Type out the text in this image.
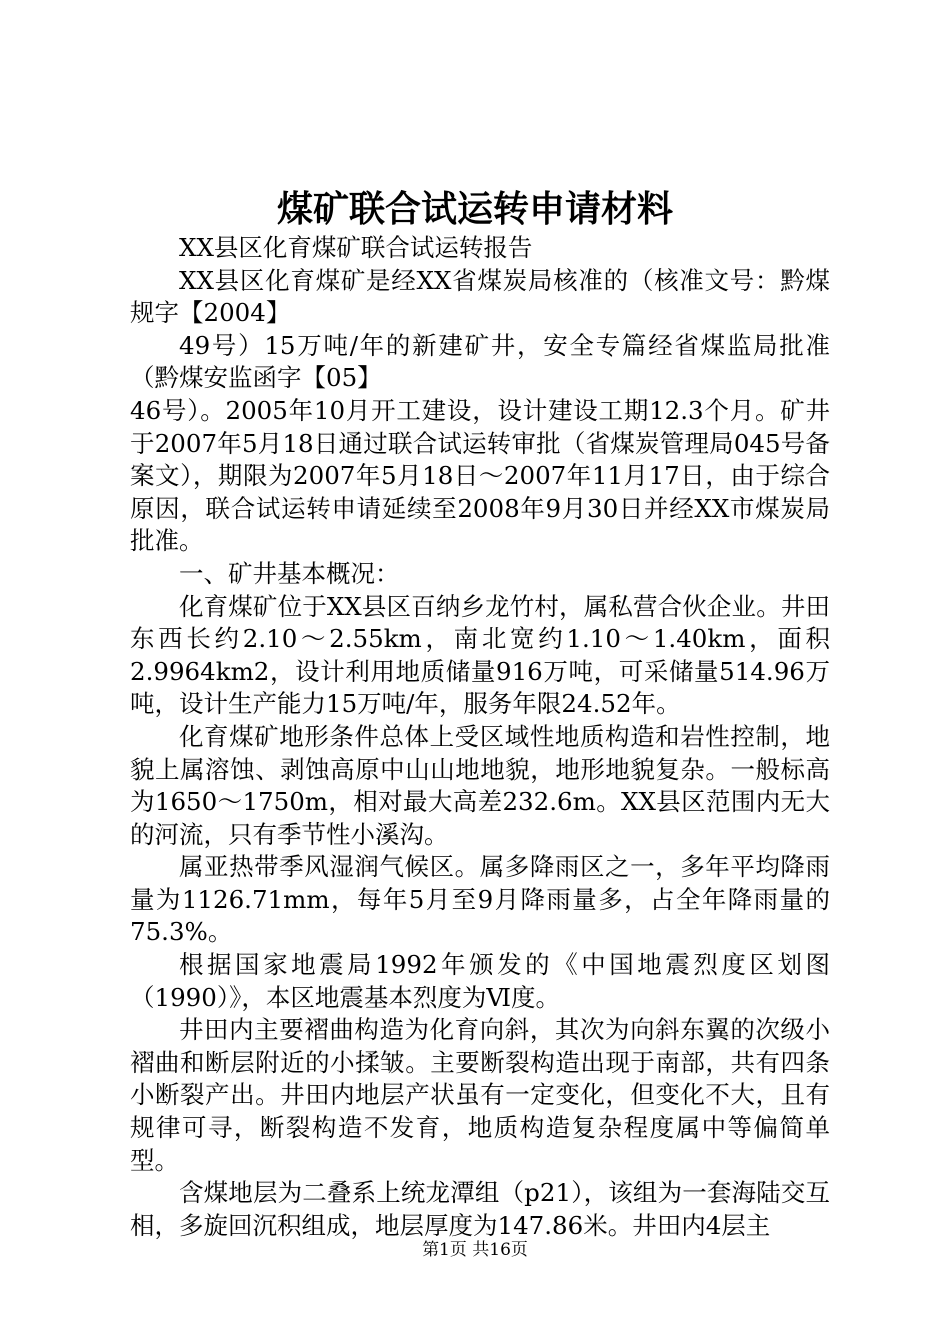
煤矿联合试运转申请材料

XX县区化育煤矿联合试运转报告

XX县区化育煤矿是经XX省煤炭局核准的（核准文号：黔煤规字【2004】

49号）15万吨/年的新建矿井，安全专篇经省煤监局批准（黔煤安监函字【05】

46号）。2005年10月开工建设，设计建设工期12.3个月。矿井于2007年5月18日通过联合试运转审批（省煤炭管理局045号备案文），期限为2007年5月18日～2007年11月17日，由于综合原因，联合试运转申请延续至2008年9月30日并经XX市煤炭局批准。

一、矿井基本概况：

化育煤矿位于XX县区百纳乡龙竹村，属私营合伙企业。井田东西长约2.10～2.55km，南北宽约1.10～1.40km，面积2.9964km2，设计利用地质储量916万吨，可采储量514.96万吨，设计生产能力15万吨/年，服务年限24.52年。

化育煤矿地形条件总体上受区域性地质构造和岩性控制，地貌上属溶蚀、剥蚀高原中山山地地貌，地形地貌复杂。一般标高为1650～1750m，相对最大高差232.6m。XX县区范围内无大的河流，只有季节性小溪沟。

属亚热带季风湿润气候区。属多降雨区之一，多年平均降雨量为1126.71mm，每年5月至9月降雨量多，占全年降雨量的75.3%。

根据国家地震局1992年颁发的《中国地震烈度区划图（1990）》，本区地震基本烈度为Ⅵ度。

井田内主要褶曲构造为化育向斜，其次为向斜东翼的次级小褶曲和断层附近的小揉皱。主要断裂构造出现于南部，共有四条小断裂产出。井田内地层产状虽有一定变化，但变化不大，且有规律可寻，断裂构造不发育，地质构造复杂程度属中等偏简单型。

含煤地层为二叠系上统龙潭组（p21），该组为一套海陆交互相，多旋回沉积组成，地层厚度为147.86米。井田内4层主

第1页 共16页
